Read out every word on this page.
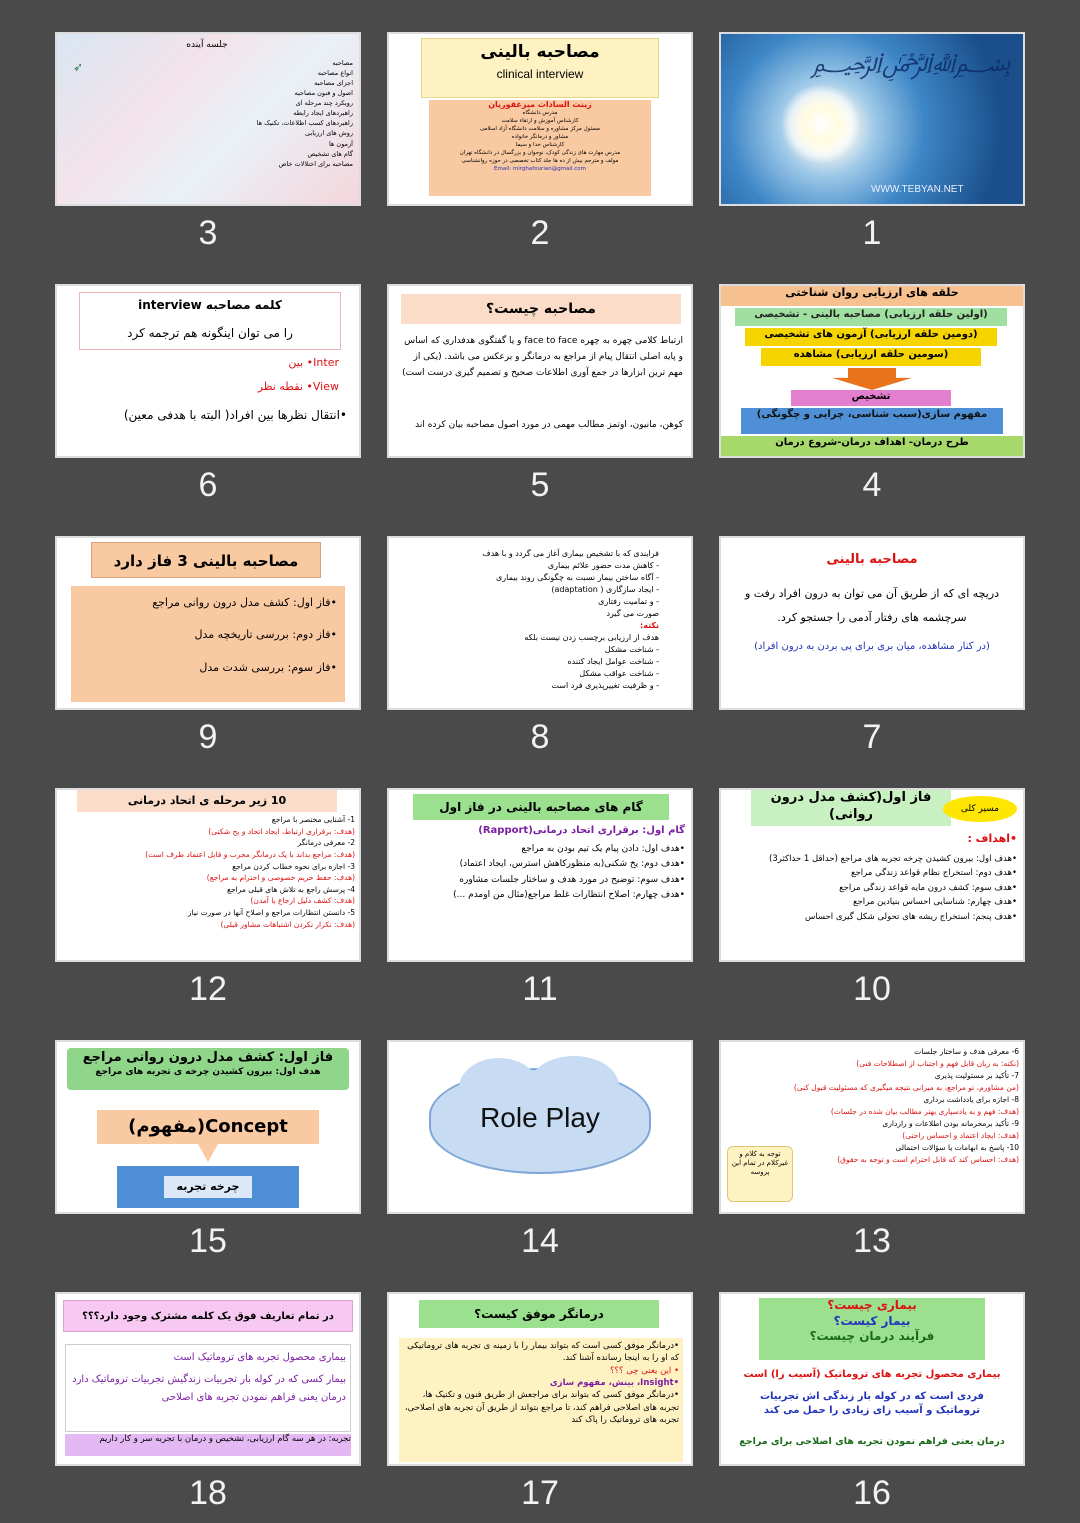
﷽
WWW.TEBYAN.NET
1
مصاحبه بالینی
clinical interview
زینت السادات میرغفوریان
مدرس دانشگاه
کارشناس آموزش و ارتقاء سلامت
مسئول مرکز مشاوره و سلامت دانشگاه آزاد اسلامی
مشاور و درمانگر خانواده
کارشناس خدا و سیما
مدرس مهارت های زندگی کودک، نوجوان و بزرگسال در دانشگاه تهران
مولف و مترجم بیش از ده ها جلد کتاب تخصصی در حوزه روانشناسی
Email: mirghafourian@gmail.com
2
➶
جلسه آینده
مصاحبه
انواع مصاحبه
اجزای مصاحبه
اصول و فنون مصاحبه
رویکرد چند مرحله ای
راهبردهای ایجاد رابطه
راهبردهای کسب اطلاعات، تکنیک ها
روش های ارزیابی
آزمون ها
گام های تشخیص
مصاحبه برای اختلالات خاص
3
حلقه های ارزیابی روان شناختی
(اولین حلقه ارزیابی) مصاحبه بالینی - تشخیصی
(دومین حلقه ارزیابی) آزمون های تشخیصی
(سومین حلقه ارزیابی) مشاهده
تشخیص
مفهوم سازی(سبب شناسی، چرایی و چگونگی)
طرح درمان- اهداف درمان-شروع درمان
4
مصاحبه چیست؟
ارتباط کلامی چهره به چهره face to face و یا گفتگوی هدفداری که اساس و پایه اصلی انتقال پیام از مراجع به درمانگر و برعکس می باشد. (یکی از مهم ترین ابزارها در جمع آوری اطلاعات صحیح و تصمیم گیری درست است)
کوهن، مانیون، اوتمز مطالب مهمی در مورد اصول مصاحبه بیان کرده اند
5
کلمه مصاحبه interview
را می توان اینگونه هم ترجمه کرد
Inter• بین
View• نقطه نظر
•انتقال نظرها بین افراد( البته با هدفی معین)
6
مصاحبه بالینی
دریچه ای که از طریق آن می توان به درون افراد رفت و سرچشمه های رفتار آدمی را جستجو کرد.
(در کنار مشاهده، میان بری برای پی بردن به درون افراد)
7
فرایندی که با تشخیص بیماری آغاز می گردد و با هدف
- کاهش مدت حضور علائم بیماری
- آگاه ساختن بیمار نسبت به چگونگی روند بیماری
- ایجاد سازگاری ( adaptation)
- و تمامیت رفتاری
صورت می گیرد
نکته:
هدف از ارزیابی برچسب زدن نیست بلکه
- شناخت مشکل
- شناخت عوامل ایجاد کننده
- شناخت عواقب مشکل
- و ظرفیت تغییرپذیری فرد است
8
مصاحبه بالینی 3 فاز دارد
•فاز اول: کشف مدل درون روانی مراجع
•فاز دوم: بررسی تاریخچه مدل
•فاز سوم: بررسی شدت مدل
9
فاز اول(کشف مدل درون روانی)	مسیر کلی
•اهداف :
•هدف اول: بیرون کشیدن چرخه تجربه های مراجع (حداقل 1 حداکثر3)
•هدف دوم: استخراج نظام قواعد زندگی مراجع
•هدف سوم: کشف درون مایه قواعد زندگی مراجع
•هدف چهارم: شناسایی احساس بنیادین مراجع
•هدف پنجم: استخراج ریشه های تحولی شکل گیری احساس
10
گام های مصاحبه بالینی در فاز اول
گام اول: برقراری اتحاد درمانی(Rapport)
•هدف اول: دادن پیام یک تیم بودن به مراجع
•هدف دوم: یخ شکنی(به منظورکاهش استرس، ایجاد اعتماد)
•هدف سوم: توضیح در مورد هدف و ساختار جلسات مشاوره
•هدف چهارم: اصلاح انتظارات غلط مراجع(مثال من اومدم ...)
11
10 زیر مرحله ی اتحاد درمانی
1- آشنایی مختصر با مراجع
(هدف: برقراری ارتباط، ایجاد اتحاد و یخ شکنی)
2- معرفی درمانگر
(هدف: مراجع بداند با یک درمانگر مجرب و قابل اعتماد طرف است)
3- اجازه برای نحوه خطاب کردن مراجع
(هدف: حفظ حریم خصوصی و احترام به مراجع)
4- پرسش راجع به تلاش های قبلی مراجع
(هدف: کشف دلیل ارجاع یا آمدن)
5- دانستن انتظارات مراجع و اصلاح آنها در صورت نیاز
(هدف: تکرار نکردن اشتباهات مشاور قبلی)
12
6- معرفی هدف و ساختار جلسات
(نکته: به زبان قابل فهم و اجتناب از اصطلاحات فنی)
7- تأکید بر مسئولیت پذیری
(من مشاورم، تو مراجع، به میزانی نتیجه میگیری که مسئولیت قبول کنی)
8- اجازه برای یادداشت برداری
(هدف: فهم و به یادسپاری بهتر مطالب بیان شده در جلسات)
9- تأکید برمحرمانه بودن اطلاعات و رازداری
(هدف: ایجاد اعتماد و احساس راحتی)
10- پاسخ به ابهامات یا سؤالات احتمالی
(هدف: احساس کند که قابل احترام است و توجه به حقوق)
توجه به کلام و غیرکلام در تمام این پروسه
13
Role Play
14
فاز اول: کشف مدل درون روانی مراجع
هدف اول: بیرون کشیدن چرخه ی تجربه های مراجع
Concept(مفهوم)
چرخه تجربه
15
بیماری چیست؟
بیمار کیست؟
فرآیند درمان چیست؟
بیماری محصول تجربه های تروماتیک (آسیب زا) است
فردی است که در کوله بار زندگی اش تجربیات تروماتیک و آسیب زای زیادی را حمل می کند
درمان یعنی فراهم نمودن تجربه های اصلاحی برای مراجع
16
درمانگر موفق کیست؟
•درمانگر موفق کسی است که بتواند بیمار را با زمینه ی تجربه های تروماتیکی که او را به اینجا رسانده آشنا کند.
• این یعنی چی ؟؟؟
•Insight، بینش، مفهوم سازی
•درمانگر موفق کسی که بتواند برای مراجعش از طریق فنون و تکنیک ها، تجربه های اصلاحی فراهم کند، تا مراجع بتواند از طریق آن تجربه های اصلاحی، تجربه های تروماتیک را پاک کند
17
در تمام تعاریف فوق یک کلمه مشترک وجود دارد؟؟؟
بیماری محصول تجربه های تروماتیک است
بیمار کسی که در کوله بار تجربیات زندگیش تجربیات تروماتیک دارد
درمان یعنی فراهم نمودن تجربه های اصلاحی
تجربه: در هر سه گام ارزیابی، تشخیص و درمان با تجربه سر و کار داریم
18
